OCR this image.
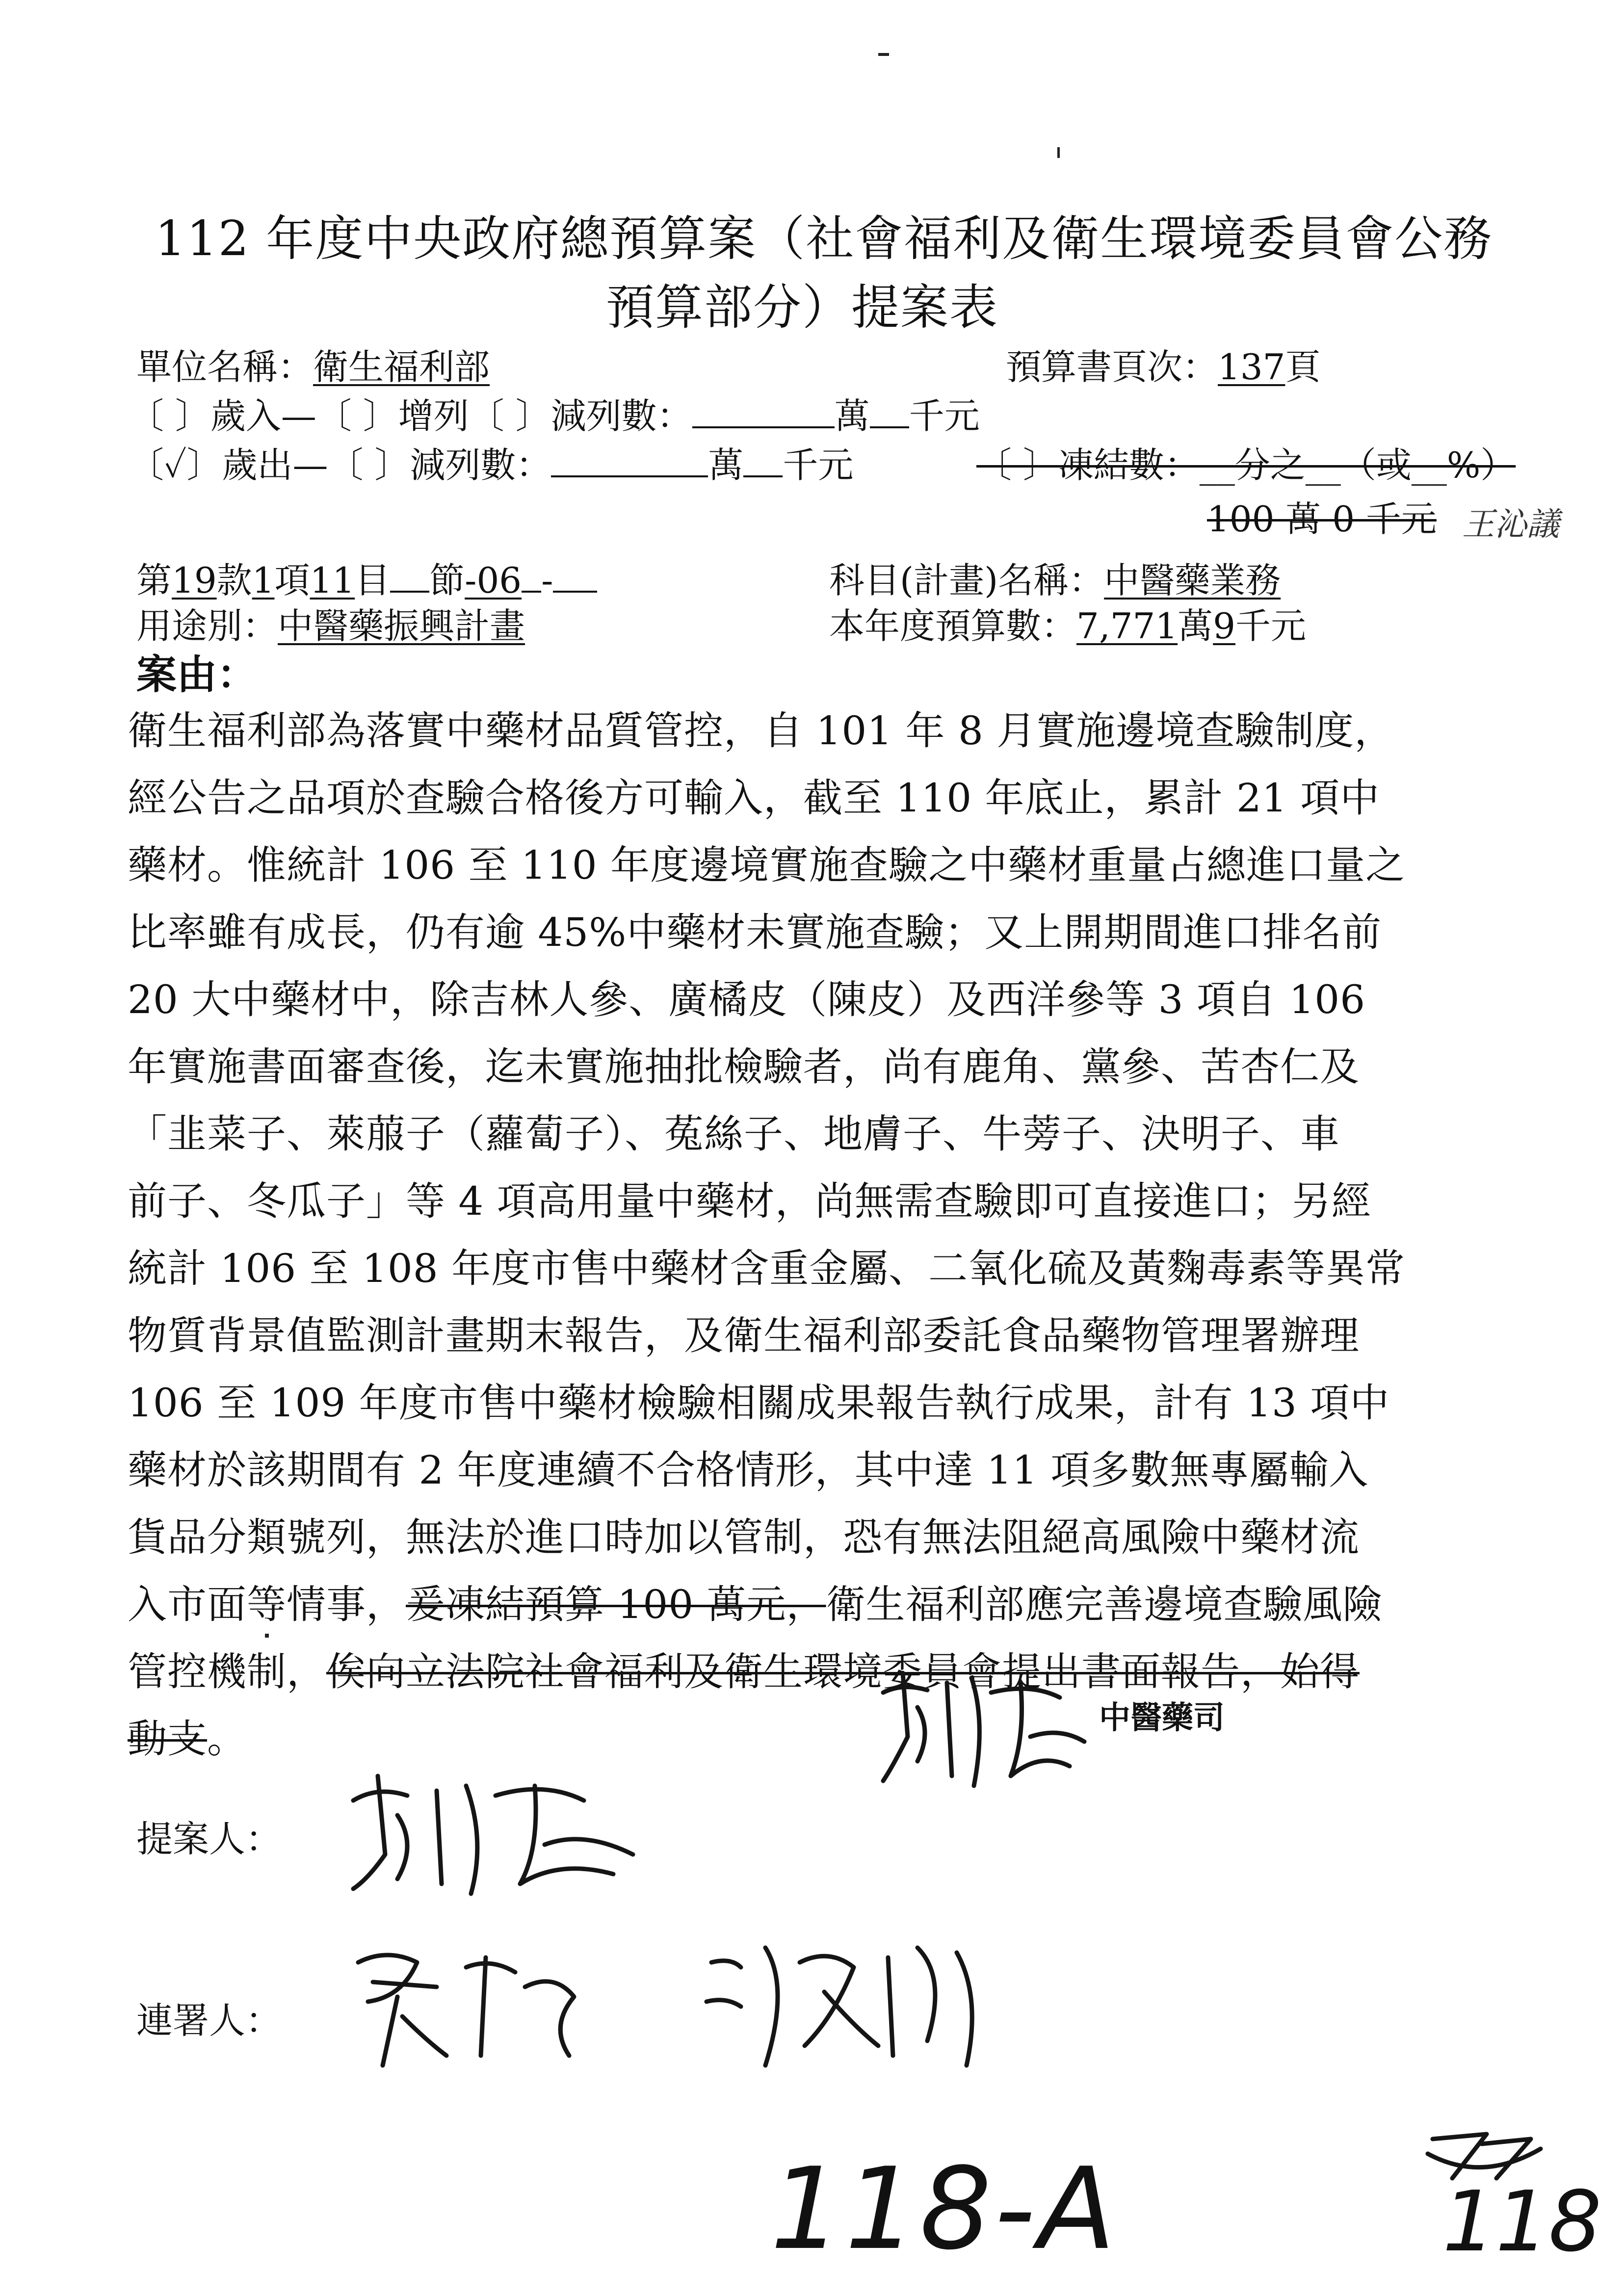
112 年度中央政府總預算案（社會福利及衛生環境委員會公務
預算部分）提案表
單位名稱：衛生福利部	預算書頁次：137頁
〔 〕歲入—〔 〕增列〔 〕減列數：	萬 千元
〔✓〕歲出—〔 〕減列數：	萬 千元	〔 〕凍結數：__分之__（或__%）
100 萬 0 千元 王沁議
第19款1項11目 節-06 -	科目(計畫)名稱：中醫藥業務
用途別：中醫藥振興計畫	本年度預算數：7,771萬9千元
案由：
衛生福利部為落實中藥材品質管控，自 101 年 8 月實施邊境查驗制度，
經公告之品項於查驗合格後方可輸入，截至 110 年底止，累計 21 項中
藥材。惟統計 106 至 110 年度邊境實施查驗之中藥材重量占總進口量之
比率雖有成長，仍有逾 45%中藥材未實施查驗；又上開期間進口排名前
20 大中藥材中，除吉林人參、廣橘皮（陳皮）及西洋參等 3 項自 106
年實施書面審查後，迄未實施抽批檢驗者，尚有鹿角、黨參、苦杏仁及
「韭菜子、萊菔子（蘿蔔子）、菟絲子、地膚子、牛蒡子、決明子、車
前子、冬瓜子」等 4 項高用量中藥材，尚無需查驗即可直接進口；另經
統計 106 至 108 年度市售中藥材含重金屬、二氧化硫及黃麴毒素等異常
物質背景值監測計畫期末報告，及衛生福利部委託食品藥物管理署辦理
106 至 109 年度市售中藥材檢驗相關成果報告執行成果，計有 13 項中
藥材於該期間有 2 年度連續不合格情形，其中達 11 項多數無專屬輸入
貨品分類號列，無法於進口時加以管制，恐有無法阻絕高風險中藥材流
入市面等情事，爰凍結預算 100 萬元，衛生福利部應完善邊境查驗風險
管控機制，俟向立法院社會福利及衛生環境委員會提出書面報告，始得
動支。	中醫藥司
提案人：
連署人：
118-A	118
